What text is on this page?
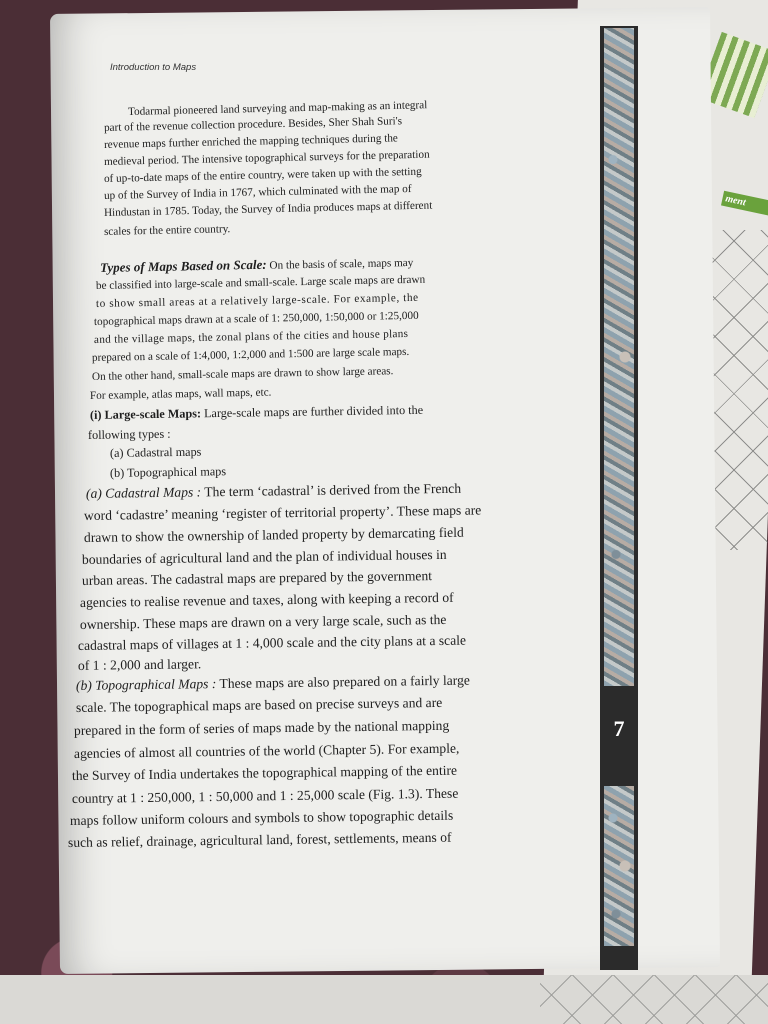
ment
7
Introduction to Maps
Todarmal pioneered land surveying and map-making as an integral
part of the revenue collection procedure. Besides, Sher Shah Suri's
revenue maps further enriched the mapping techniques during the
medieval period. The intensive topographical surveys for the preparation
of up-to-date maps of the entire country, were taken up with the setting
up of the Survey of India in 1767, which culminated with the map of
Hindustan in 1785. Today, the Survey of India produces maps at different
scales for the entire country.
Types of Maps Based on Scale: On the basis of scale, maps may
be classified into large-scale and small-scale. Large scale maps are drawn
to show small areas at a relatively large-scale. For example, the
topographical maps drawn at a scale of 1: 250,000, 1:50,000 or 1:25,000
and the village maps, the zonal plans of the cities and house plans
prepared on a scale of 1:4,000, 1:2,000 and 1:500 are large scale maps.
On the other hand, small-scale maps are drawn to show large areas.
For example, atlas maps, wall maps, etc.
(i) Large-scale Maps: Large-scale maps are further divided into the
following types :
(a) Cadastral maps
(b) Topographical maps
(a) Cadastral Maps : The term ‘cadastral’ is derived from the French
word ‘cadastre’ meaning ‘register of territorial property’. These maps are
drawn to show the ownership of landed property by demarcating field
boundaries of agricultural land and the plan of individual houses in
urban areas. The cadastral maps are prepared by the government
agencies to realise revenue and taxes, along with keeping a record of
ownership. These maps are drawn on a very large scale, such as the
cadastral maps of villages at 1 : 4,000 scale and the city plans at a scale
of 1 : 2,000 and larger.
(b) Topographical Maps : These maps are also prepared on a fairly large
scale. The topographical maps are based on precise surveys and are
prepared in the form of series of maps made by the national mapping
agencies of almost all countries of the world (Chapter 5). For example,
the Survey of India undertakes the topographical mapping of the entire
country at 1 : 250,000, 1 : 50,000 and 1 : 25,000 scale (Fig. 1.3). These
maps follow uniform colours and symbols to show topographic details
such as relief, drainage, agricultural land, forest, settlements, means of
